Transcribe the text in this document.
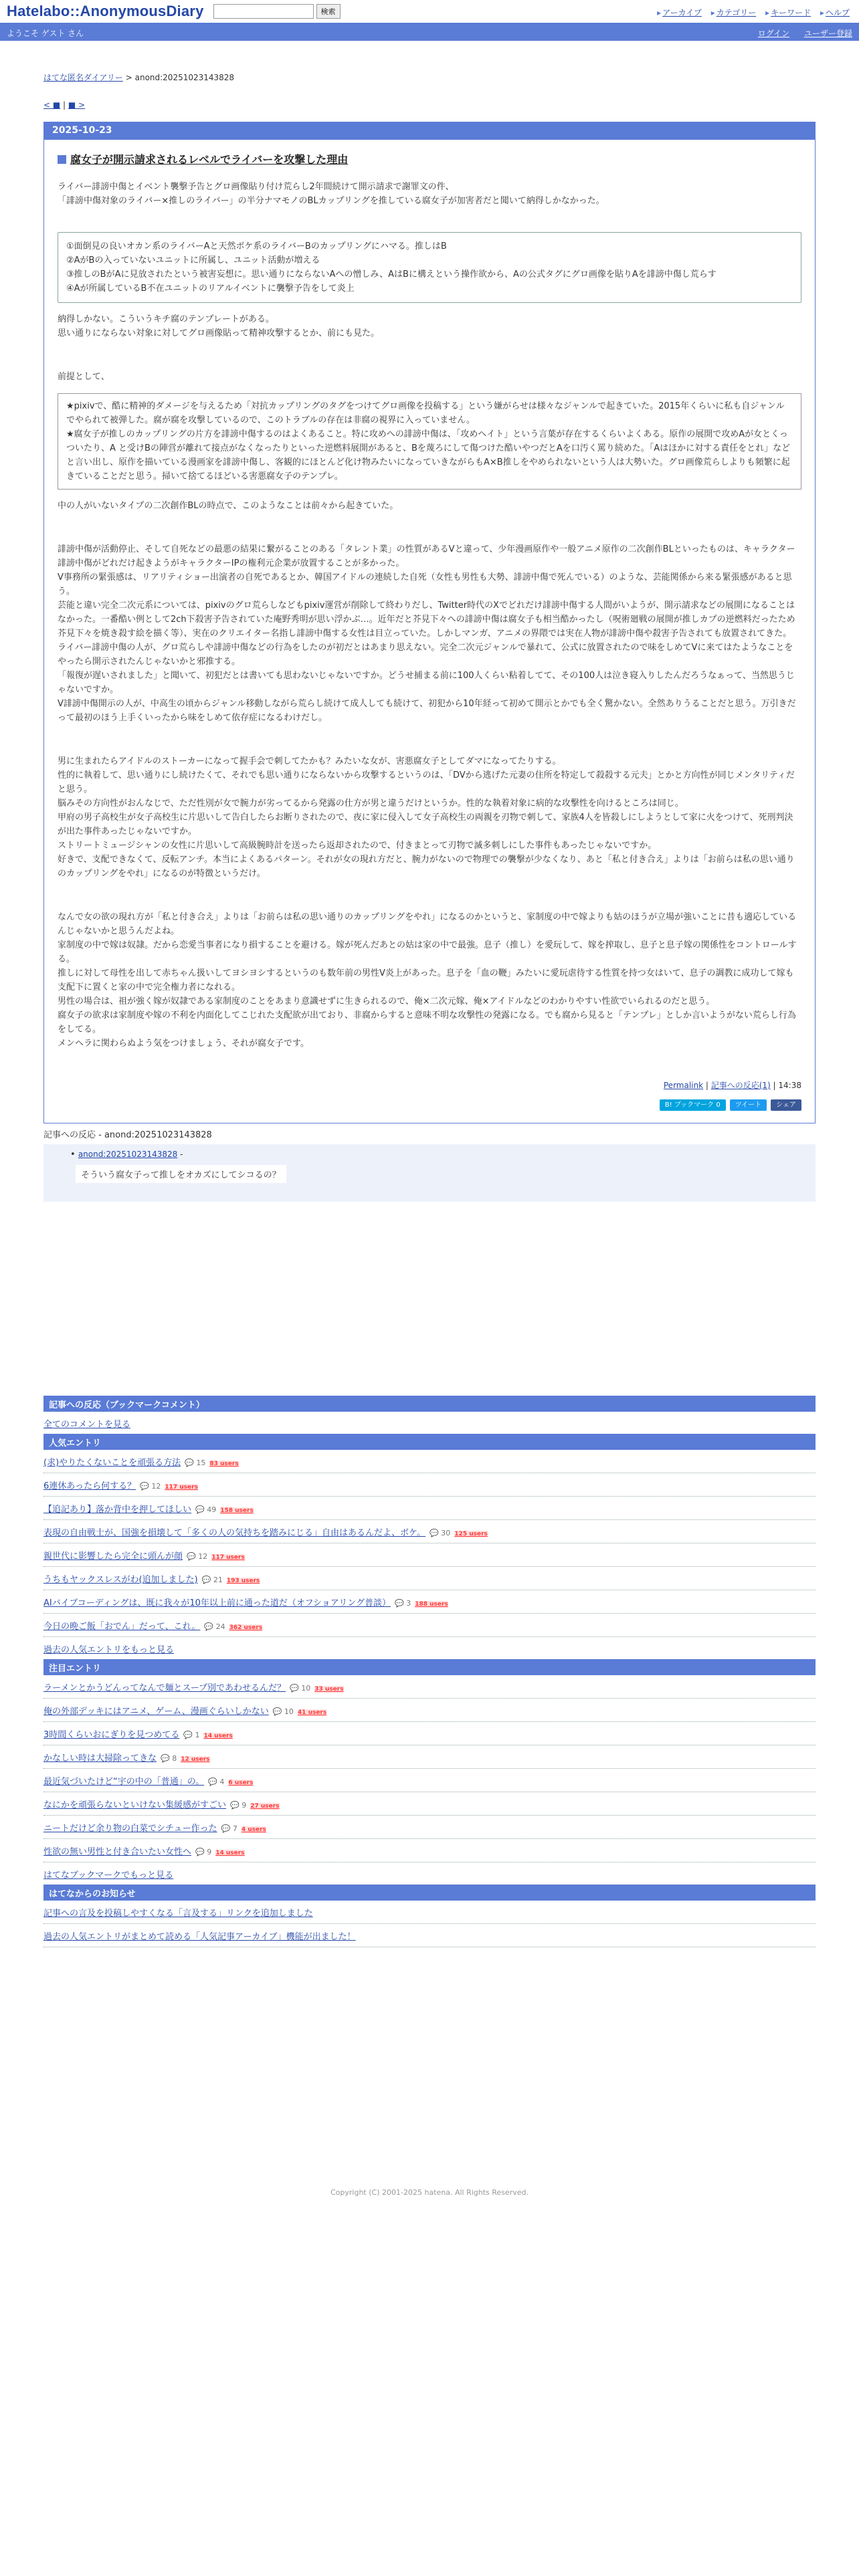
Hatelabo::AnonymousDiary	検索	▸ アーカイブ ▸ カテゴリー ▸ キーワード ▸ ヘルプ
ようこそ ゲスト さん	ログイン ユーザー登録
はてな匿名ダイアリー > anond:20251023143828
< ■ | ■ >
2025-10-23
腐女子が開示請求されるレベルでライバーを攻撃した理由

ライバー誹謗中傷とイベント襲撃予告とグロ画像貼り付け荒らし2年間続けて開示請求で謝罪文の件、

「誹謗中傷対象のライバー×推しのライバー」の半分ナマモノのBLカップリングを推している腐女子が加害者だと聞いて納得しかなかった。

①面倒見の良いオカン系のライバーAと天然ボケ系のライバーBのカップリングにハマる。推しはB

②AがBの入っていないユニットに所属し、ユニット活動が増える

③推しのBがAに見放されたという被害妄想に。思い通りにならないAへの憎しみ、AはBに構えという操作欲から、Aの公式タグにグロ画像を貼りAを誹謗中傷し荒らす

④Aが所属しているB不在ユニットのリアルイベントに襲撃予告をして炎上

納得しかない。こういうキチ腐のテンプレートがある。

思い通りにならない対象に対してグロ画像貼って精神攻撃するとか、前にも見た。

前提として、

★pixivで、酷に精神的ダメージを与えるため「対抗カップリングのタグをつけてグロ画像を投稿する」という嫌がらせは様々なジャンルで起きていた。2015年くらいに私も自ジャンルでやられて被弾した。腐が腐を攻撃しているので、このトラブルの存在は非腐の視界に入っていません。

★腐女子が推しのカップリングの片方を誹謗中傷するのはよくあること。特に攻めへの誹謗中傷は、「攻めヘイト」という言葉が存在するくらいよくある。原作の展開で攻めAが女とくっついたり、A と受けBの陣営が離れて接点がなくなったりといった逆燃料展開があると、Bを蔑ろにして傷つけた酷いやつだとAを口汚く罵り続めた。「Aはほかに対する責任をとれ」などと言い出し、原作を描いている漫画家を誹謗中傷し、客観的にほとんど化け物みたいになっていきながらもA×B推しをやめられないという人は大勢いた。グロ画像荒らしよりも頻繁に起きていることだと思う。掃いて捨てるほどいる害悪腐女子のテンプレ。

中の人がいないタイプの二次創作BLの時点で、このようなことは前々から起きていた。

誹謗中傷が活動停止、そして自死などの最悪の結果に繋がることのある「タレント業」の性質があるVと違って、少年漫画原作や一般アニメ原作の二次創作BLといったものは、キャラクター誹謗中傷がどれだけ起きようがキャラクターIPの権利元企業が放置することが多かった。

V事務所の緊張感は、リアリティショー出演者の自死であるとか、韓国アイドルの連続した自死（女性も男性も大勢、誹謗中傷で死んでいる）のような、芸能関係から来る緊張感があると思う。

芸能と違い完全二次元系については、pixivのグロ荒らしなどもpixiv運営が削除して終わりだし、Twitter時代のXでどれだけ誹謗中傷する人間がいようが、開示請求などの展開になることはなかった。一番酷い例として2ch下殺害予告されていた庵野秀明が思い浮かぶ…。近年だと芥見下々への誹謗中傷は腐女子も相当酷かったし（呪術廻戦の展開が推しカプの逆燃料だったため芥見下々を焼き殺す絵を描く等）、実在のクリエイター名指し誹謗中傷する女性は目立っていた。しかしマンガ、アニメの界隈では実在人物が誹謗中傷や殺害予告されても放置されてきた。

ライバー誹謗中傷の人が、グロ荒らしや誹謗中傷などの行為をしたのが初だとはあまり思えない。完全二次元ジャンルで暴れて、公式に放置されたので味をしめてVに来てはたようなことをやったら開示されたんじゃないかと邪推する。

「報復が遅いされました」と聞いて、初犯だとは書いても思わないじゃないですか。どうせ捕まる前に100人くらい粘着してて、その100人は泣き寝入りしたんだろうなぁって、当然思うじゃないですか。

V誹謗中傷開示の人が、中高生の頃からジャンル移動しながら荒らし続けて成人しても続けて、初犯から10年経って初めて開示とかでも全く驚かない。全然ありうることだと思う。万引きだって最初のほう上手くいったから味をしめて依存症になるわけだし。

男に生まれたらアイドルのストーカーになって握手会で刺してたかも？みたいな女が、害悪腐女子としてダマになってたりする。

性的に執着して、思い通りにし続けたくて、それでも思い通りにならないから攻撃するというのは、「DVから逃げた元妻の住所を特定して殺殺する元夫」とかと方向性が同じメンタリティだと思う。

脳みその方向性がおんなじで、ただ性別が女で腕力が劣ってるから発露の仕方が男と違うだけというか。性的な執着対象に病的な攻撃性を向けるところは同じ。

甲府の男子高校生が女子高校生に片思いして告白したらお断りされたので、夜に家に侵入して女子高校生の両親を刃物で刺して、家族4人を皆殺しにしようとして家に火をつけて、死刑判決が出た事件あったじゃないですか。

ストリートミュージシャンの女性に片思いして高級腕時計を送ったら返却されたので、付きまとって刃物で滅多刺しにした事件もあったじゃないですか。

好きで、支配できなくて、反転アンチ。本当によくあるパターン。それが女の現れ方だと、腕力がないので物理での襲撃が少なくなり、あと「私と付き合え」よりは「お前らは私の思い通りのカップリングをやれ」になるのが特徴というだけ。

なんで女の欲の現れ方が「私と付き合え」よりは「お前らは私の思い通りのカップリングをやれ」になるのかというと、家制度の中で嫁よりも姑のほうが立場が強いことに昔も適応しているんじゃないかと思うんだよね。

家制度の中で嫁は奴隷。だから恋愛当事者になり損することを避ける。嫁が死んだあとの姑は家の中で最強。息子（推し）を愛玩して、嫁を搾取し、息子と息子嫁の関係性をコントロールする。

推しに対して母性を出して赤ちゃん扱いしてヨシヨシするというのも数年前の男性V炎上があった。息子を「血の鞭」みたいに愛玩虐待する性質を持つ女はいて、息子の調教に成功して嫁も支配下に置くと家の中で完全権力者になれる。

男性の場合は、祖が強く嫁が奴隷である家制度のことをあまり意識せずに生きられるので、俺×二次元嫁、俺×アイドルなどのわかりやすい性欲でいられるのだと思う。

腐女子の欲求は家制度や嫁の不利を内面化してこじれた支配欲が出ており、非腐からすると意味不明な攻撃性の発露になる。でも腐から見ると「テンプレ」としか言いようがない荒らし行為をしてる。

メンヘラに関わらぬよう気をつけましょう、それが腐女子です。

Permalink | 記事への反応(1) | 14:38
B! ブックマーク 0	ツイート	シェア
記事への反応 - anond:20251023143828
• anond:20251023143828 -
そういう腐女子って推しをオカズにしてシコるの？
記事への反応（ブックマークコメント）
全てのコメントを見る
人気エントリ
(求)やりたくないことを頑張る方法 💬 15 83 users
6連休あったら何する？ 💬 12 117 users
【追記あり】落か背中を押してほしい 💬 49 158 users
表現の自由戦士が、国強を損壊して「多くの人の気持ちを踏みにじる」自由はあるんだよ、ボケ。 💬 30 125 users
親世代に影響したら完全に頭んが顔 💬 12 117 users
うちもヤックスレスがわ(追加しました) 💬 21 193 users
AIバイブコーディングは、既に我々が10年以上前に通った道だ（オフショアリング普談） 💬 3 188 users
今日の晩ご飯「おでん」だって、これ。 💬 24 362 users
過去の人気エントリをもっと見る
注目エントリ
ラーメンとかうどんってなんで麺とスープ別であわせるんだ？ 💬 10 33 users
俺の外部デッキにはアニメ、ゲーム、漫画ぐらいしかない 💬 10 41 users
3時間くらいおにぎりを見つめてる 💬 1 14 users
かなしい時は大掃除ってきな 💬 8 12 users
最近気づいたけど“宇の中の「普通」の。 💬 4 6 users
なにかを頑張らないといけない集緩感がすごい 💬 9 27 users
ニートだけど余り物の白菜でシチュー作った 💬 7 4 users
性欲の無い男性と付き合いたい女性へ 💬 9 14 users
はてなブックマークでもっと見る
はてなからのお知らせ
記事への言及を投稿しやすくなる「言及する」リンクを追加しました
過去の人気エントリがまとめて読める「人気記事アーカイブ」機能が出ました！
Copyright (C) 2001-2025 hatena. All Rights Reserved.
